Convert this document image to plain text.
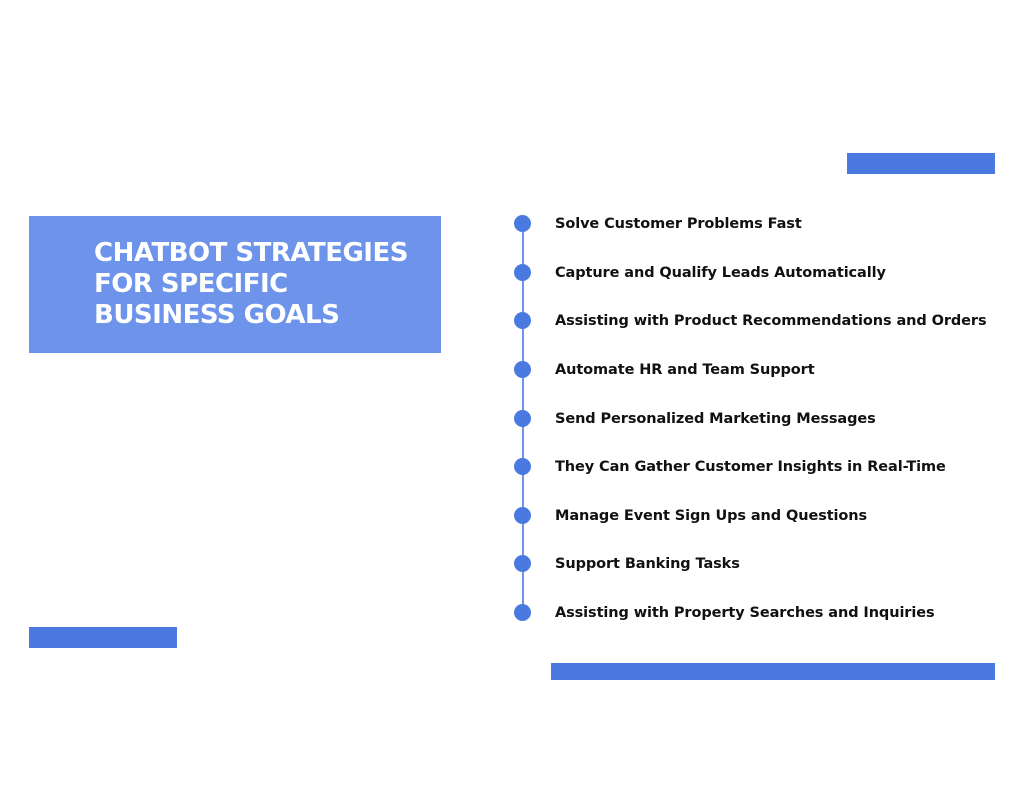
CHATBOT STRATEGIES
FOR SPECIFIC
BUSINESS GOALS
Solve Customer Problems Fast
Capture and Qualify Leads Automatically
Assisting with Product Recommendations and Orders
Automate HR and Team Support
Send Personalized Marketing Messages
They Can Gather Customer Insights in Real-Time
Manage Event Sign Ups and Questions
Support Banking Tasks
Assisting with Property Searches and Inquiries
